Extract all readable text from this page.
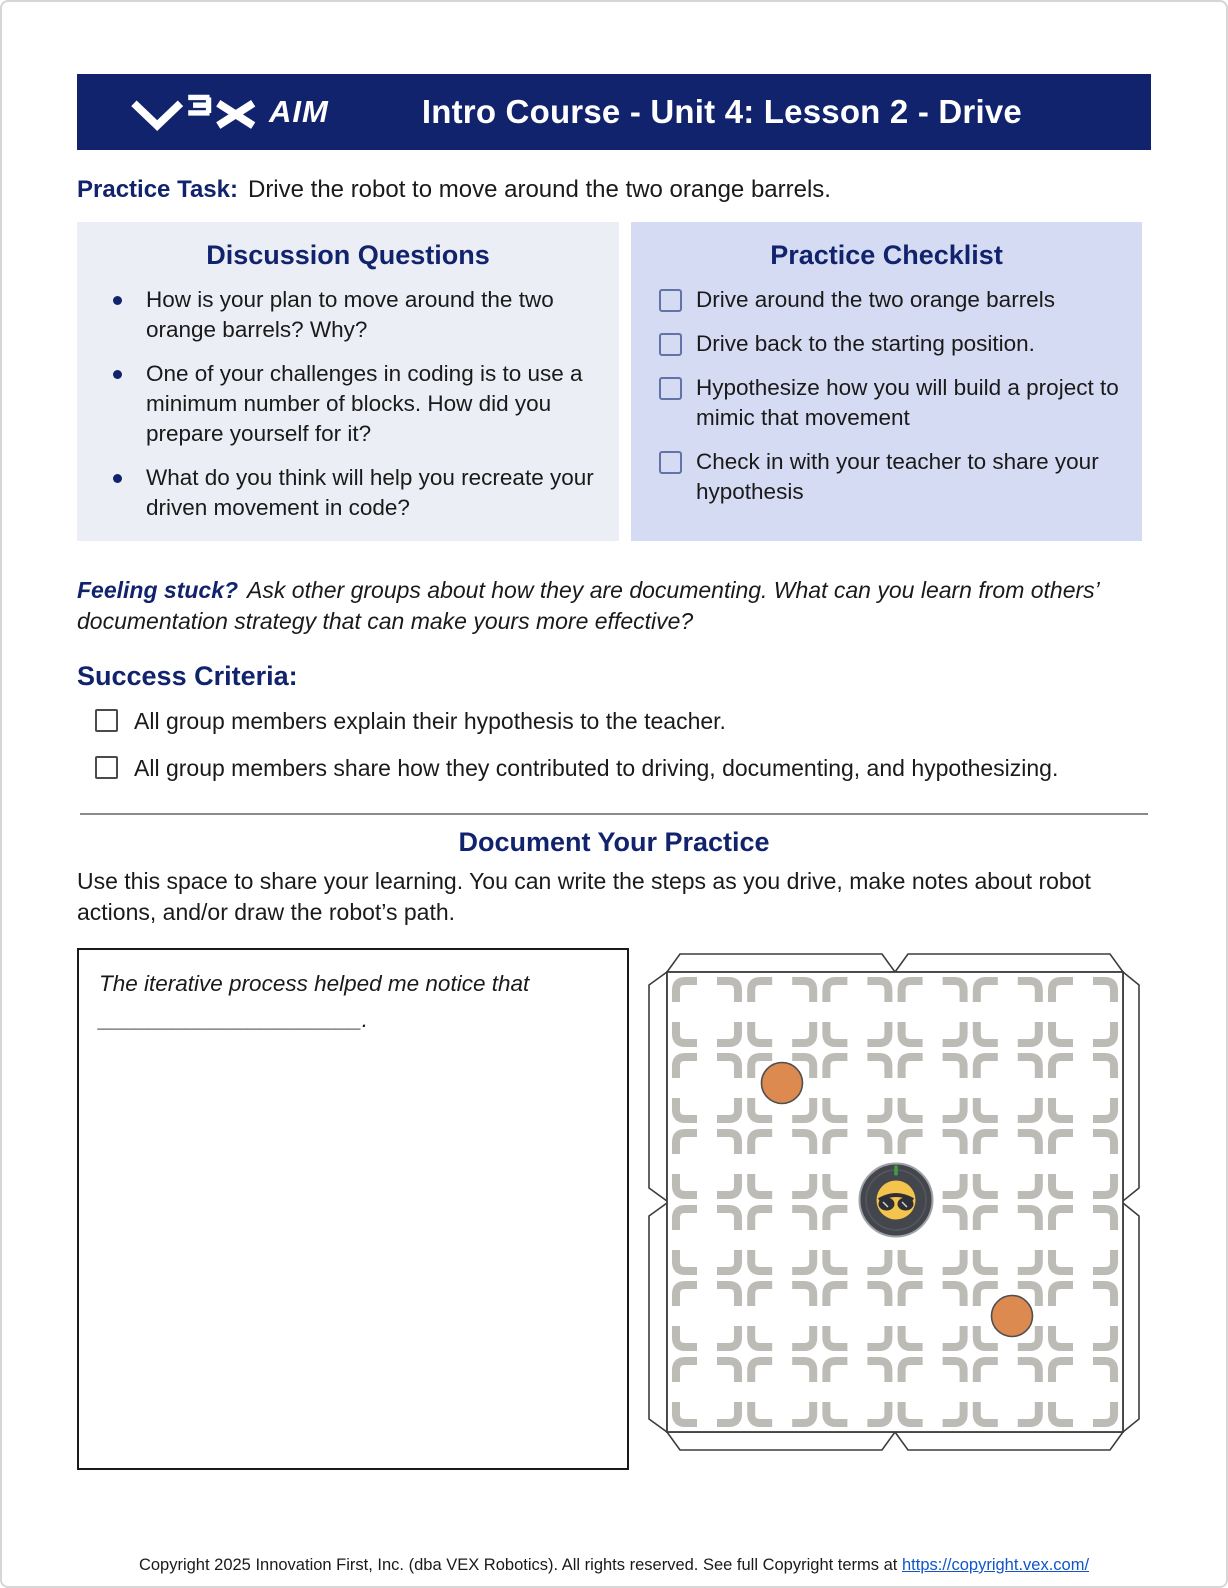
AIM	Intro Course - Unit 4: Lesson 2 - Drive

Practice Task: Drive the robot to move around the two orange barrels.

Discussion Questions
How is your plan to move around the two orange barrels? Why?
One of your challenges in coding is to use a minimum number of blocks. How did you prepare yourself for it?
What do you think will help you recreate your driven movement in code?
Practice Checklist
Drive around the two orange barrels
Drive back to the starting position.
Hypothesize how you will build a project to mimic that movement
Check in with your teacher to share your hypothesis

Feeling stuck? Ask other groups about how they are documenting. What can you learn from others’ documentation strategy that can make yours more effective?

Success Criteria:
All group members explain their hypothesis to the teacher.
All group members share how they contributed to driving, documenting, and hypothesizing.
Document Your Practice

Use this space to share your learning. You can write the steps as you drive, make notes about robot actions, and/or draw the robot’s path.

The iterative process helped me notice that
_____________________.

Copyright 2025 Innovation First, Inc. (dba VEX Robotics). All rights reserved. See full Copyright terms at https://copyright.vex.com/
